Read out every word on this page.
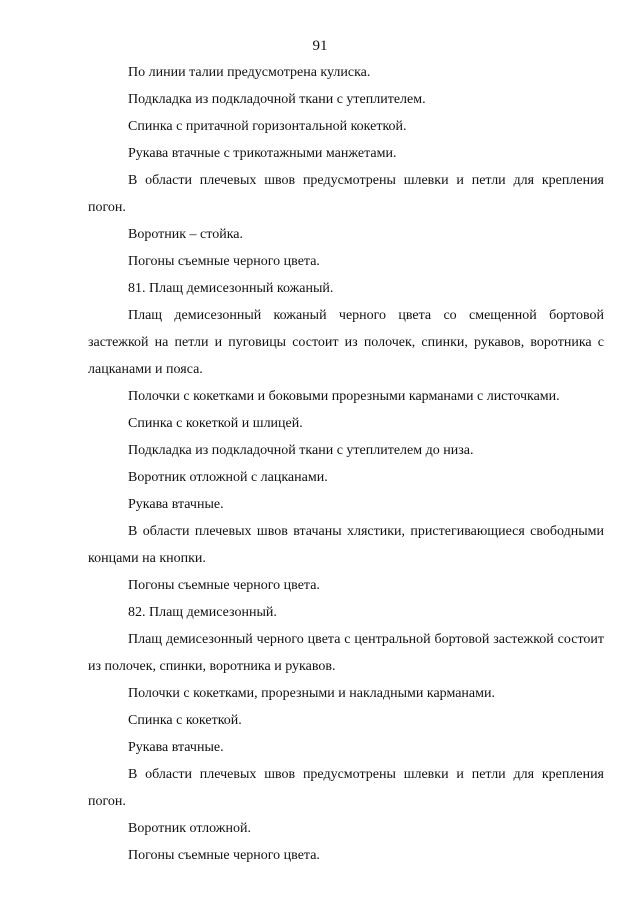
91

По линии талии предусмотрена кулиска.

Подкладка из подкладочной ткани с утеплителем.

Спинка с притачной горизонтальной кокеткой.

Рукава втачные с трикотажными манжетами.

В области плечевых швов предусмотрены шлевки и петли для крепления погон.

Воротник – стойка.

Погоны съемные черного цвета.

81. Плащ демисезонный кожаный.

Плащ демисезонный кожаный черного цвета со смещенной бортовой застежкой на петли и пуговицы состоит из полочек, спинки, рукавов, воротника с лацканами и пояса.

Полочки с кокетками и боковыми прорезными карманами с листочками.

Спинка с кокеткой и шлицей.

Подкладка из подкладочной ткани с утеплителем до низа.

Воротник отложной с лацканами.

Рукава втачные.

В области плечевых швов втачаны хлястики, пристегивающиеся свободными концами на кнопки.

Погоны съемные черного цвета.

82. Плащ демисезонный.

Плащ демисезонный черного цвета с центральной бортовой застежкой состоит из полочек, спинки, воротника и рукавов.

Полочки с кокетками, прорезными и накладными карманами.

Спинка с кокеткой.

Рукава втачные.

В области плечевых швов предусмотрены шлевки и петли для крепления погон.

Воротник отложной.

Погоны съемные черного цвета.
